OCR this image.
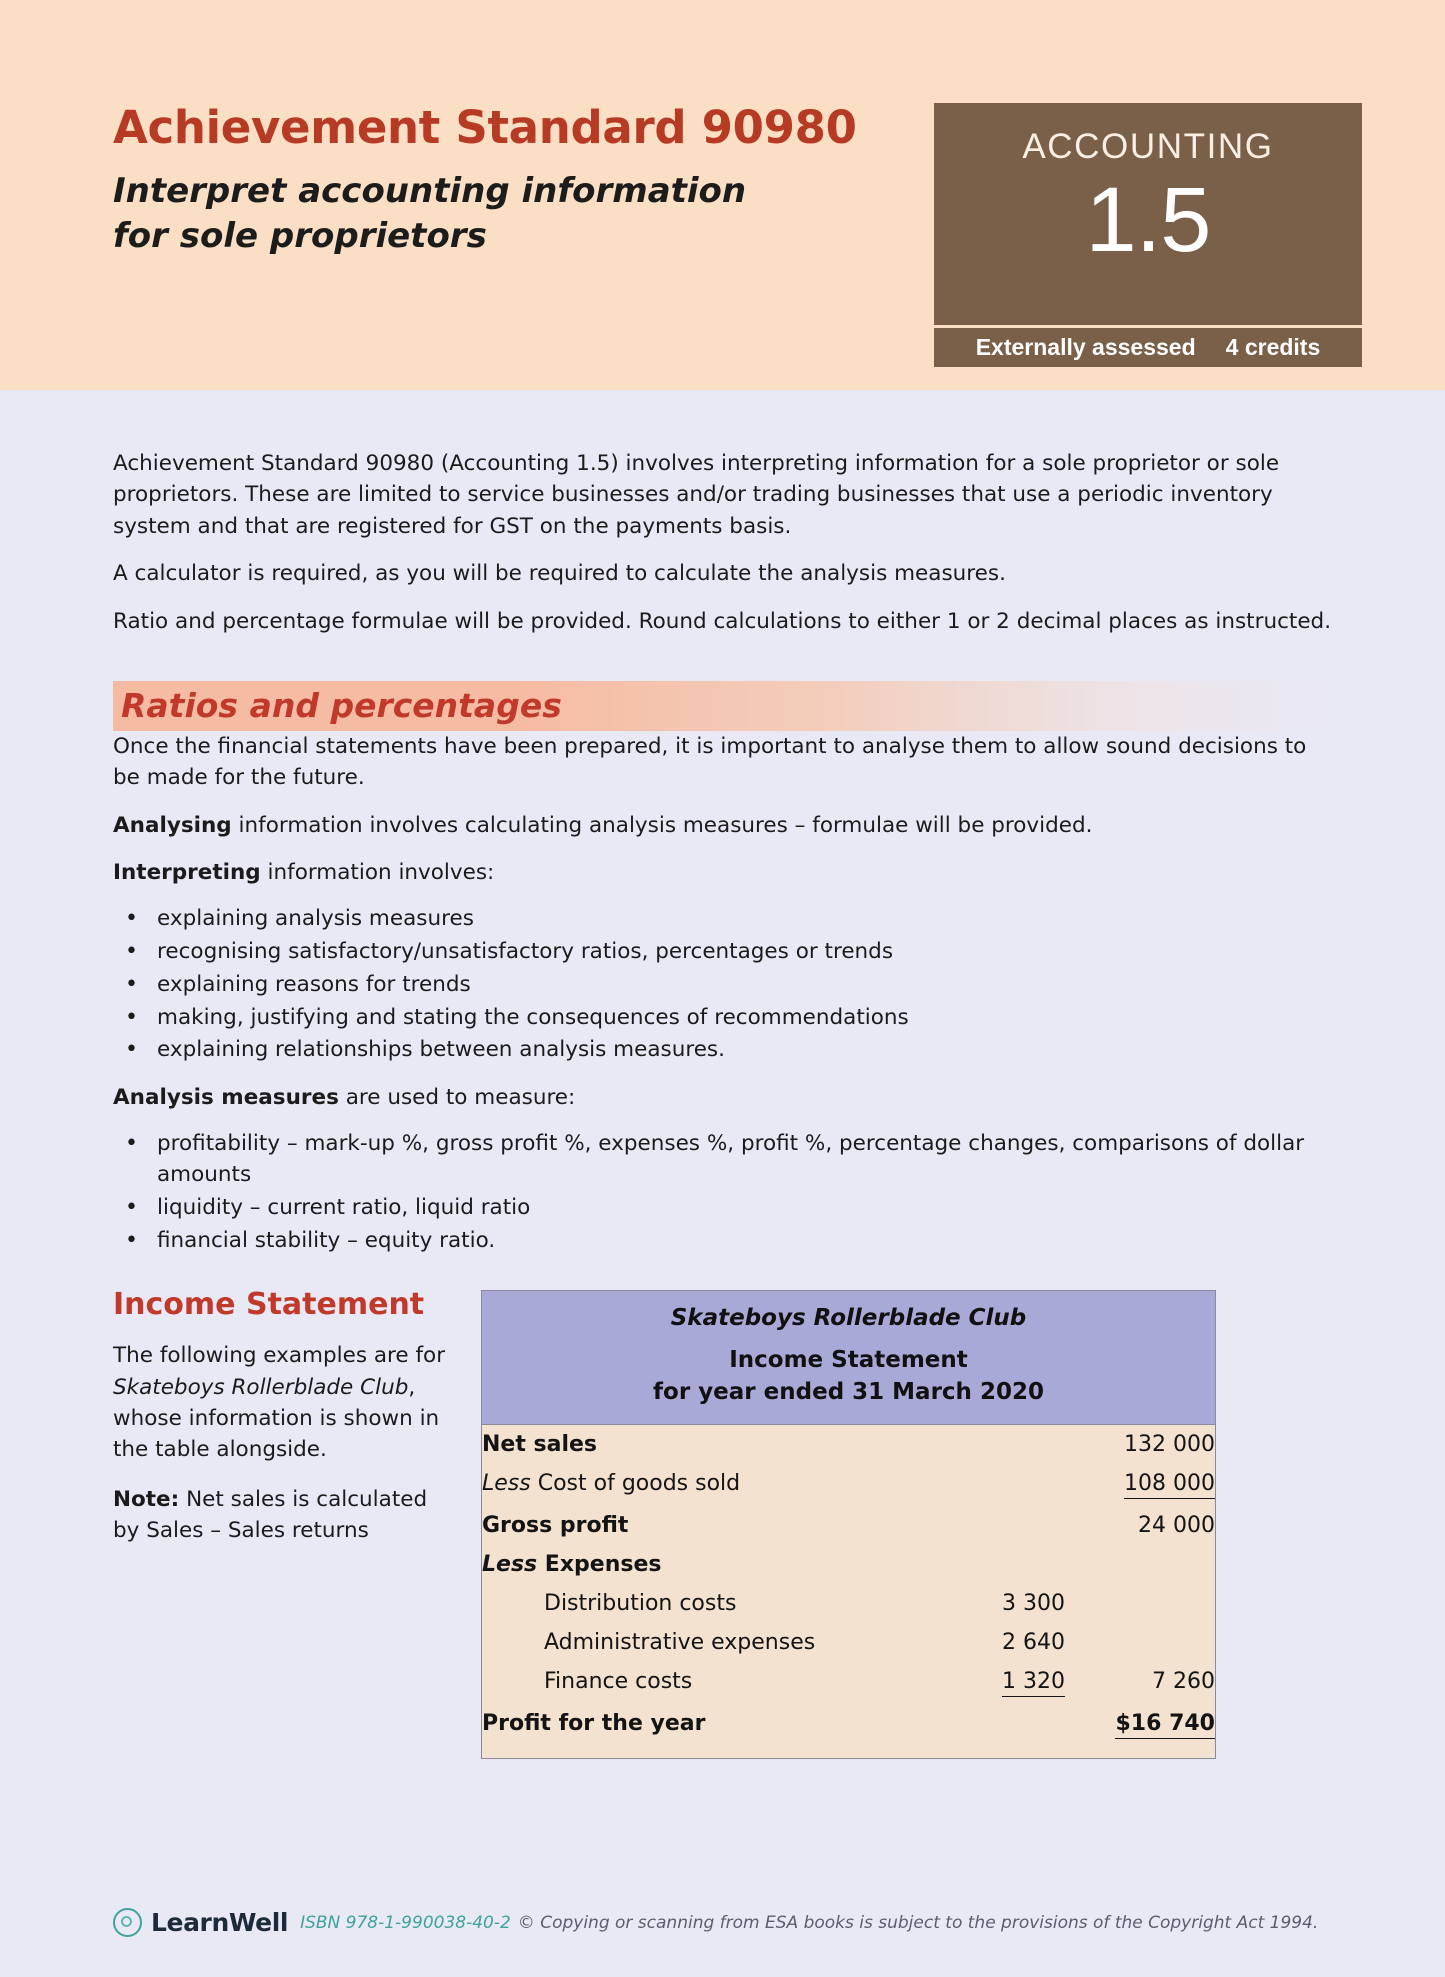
Achievement Standard 90980
Interpret accounting information
for sole proprietors
ACCOUNTING
1.5
Externally assessed 4 credits

Achievement Standard 90980 (Accounting 1.5) involves interpreting information for a sole proprietor or sole proprietors. These are limited to service businesses and/or trading businesses that use a periodic inventory system and that are registered for GST on the payments basis.

A calculator is required, as you will be required to calculate the analysis measures.

Ratio and percentage formulae will be provided. Round calculations to either 1 or 2 decimal places as instructed.

Ratios and percentages

Once the financial statements have been prepared, it is important to analyse them to allow sound decisions to be made for the future.

Analysing information involves calculating analysis measures – formulae will be provided.

Interpreting information involves:

• explaining analysis measures
• recognising satisfactory/unsatisfactory ratios, percentages or trends
• explaining reasons for trends
• making, justifying and stating the consequences of recommendations
• explaining relationships between analysis measures.

Analysis measures are used to measure:

• profitability – mark-up %, gross profit %, expenses %, profit %, percentage changes, comparisons of dollar amounts
• liquidity – current ratio, liquid ratio
• financial stability – equity ratio.
Income Statement

The following examples are for Skateboys Rollerblade Club, whose information is shown in the table alongside.

Note: Net sales is calculated by Sales – Sales returns

Skateboys Rollerblade Club
Income Statement
for year ended 31 March 2020
Net sales		132 000
Less Cost of goods sold		108 000
Gross profit		24 000
Less Expenses		
Distribution costs	3 300	
Administrative expenses	2 640	
Finance costs	1 320	7 260
Profit for the year		$16 740
LearnWell ISBN 978-1-990038-40-2 © Copying or scanning from ESA books is subject to the provisions of the Copyright Act 1994.
